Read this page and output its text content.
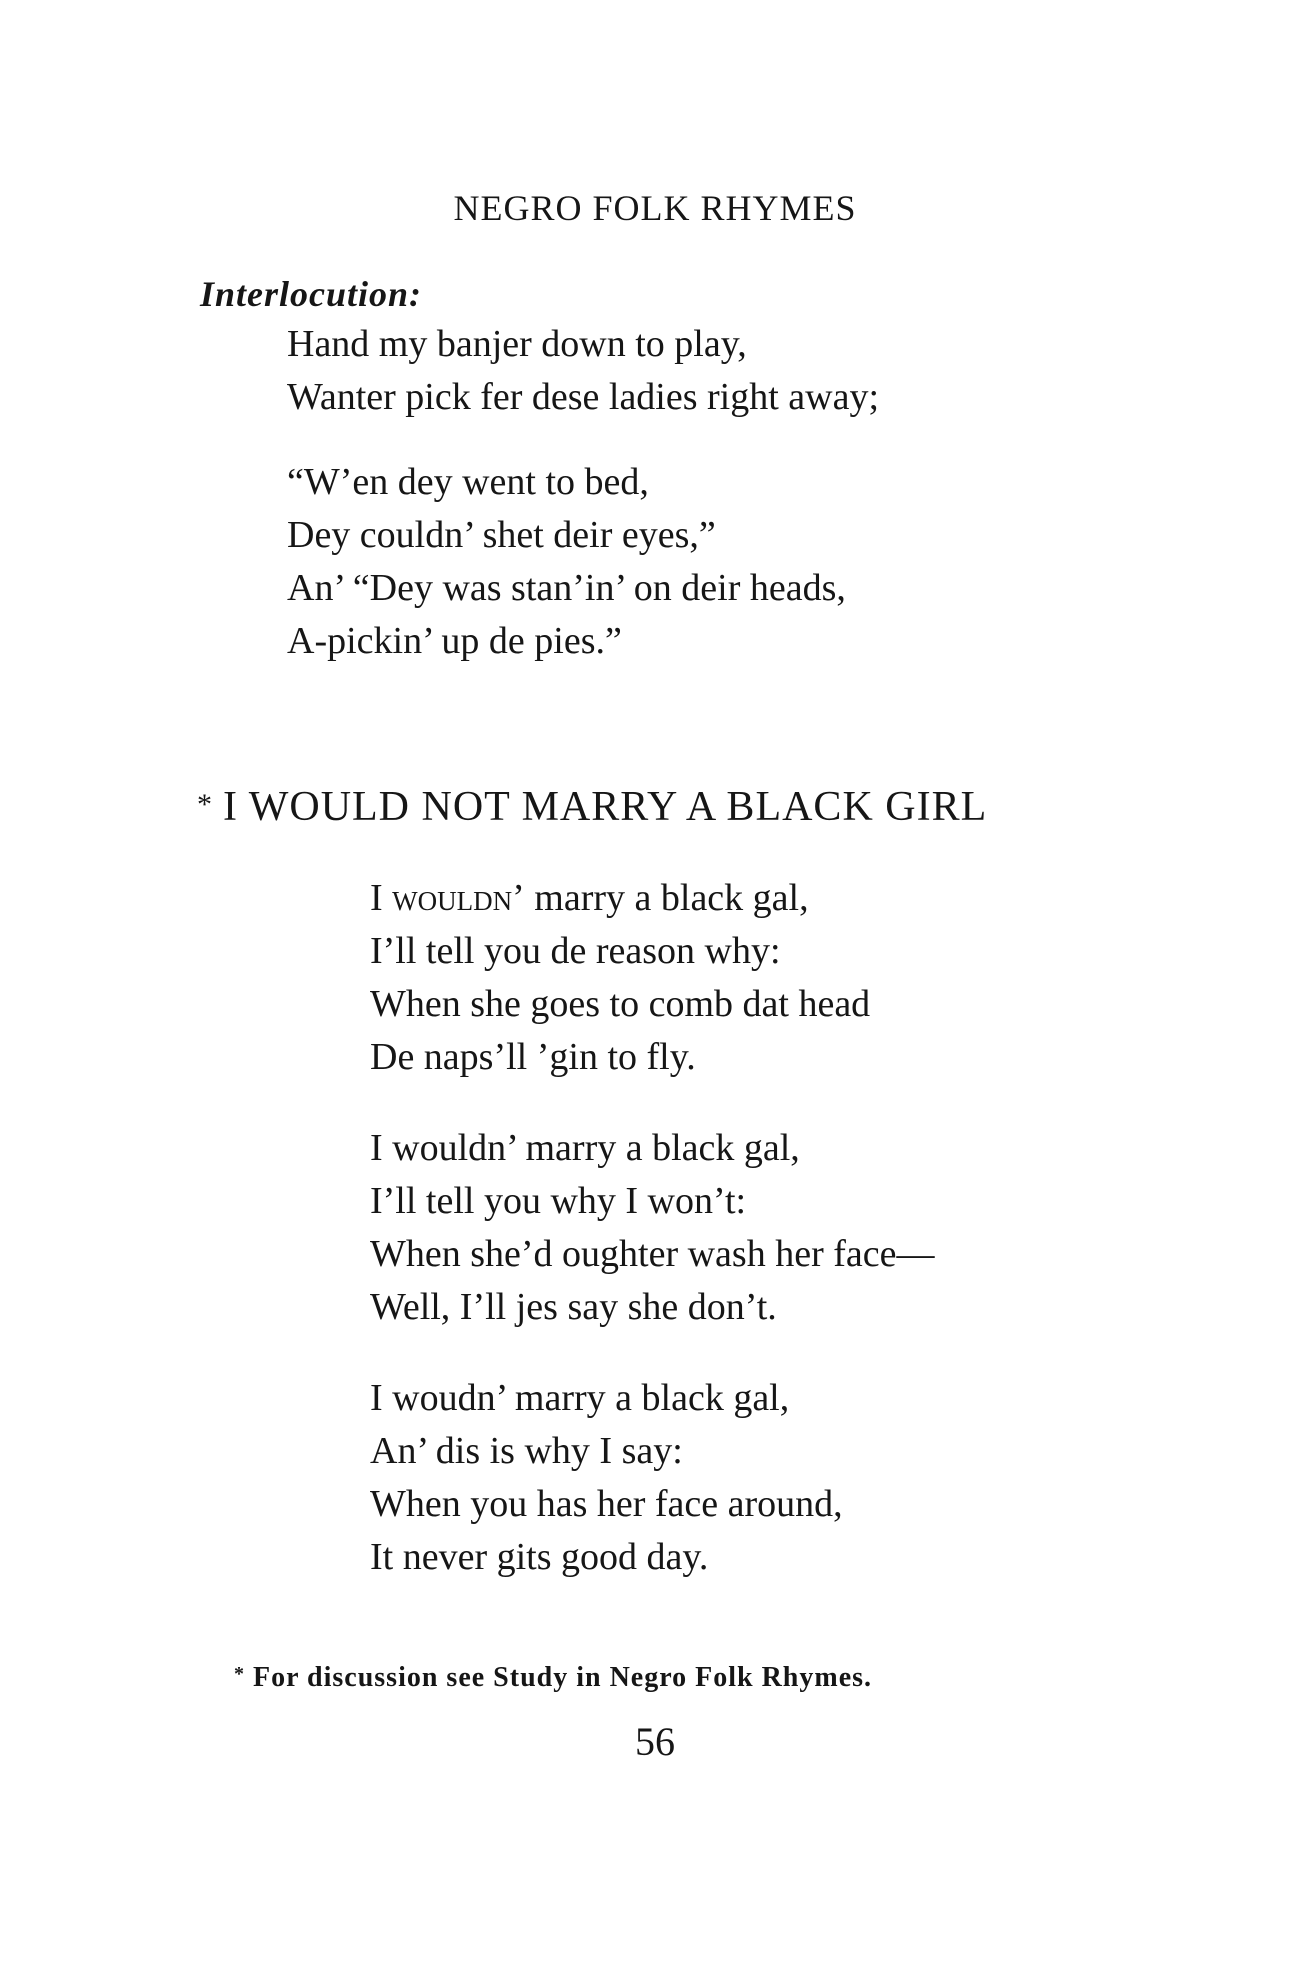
NEGRO FOLK RHYMES
Interlocution:
Hand my banjer down to play,
Wanter pick fer dese ladies right away;
“W’en dey went to bed,
Dey couldn’ shet deir eyes,”
An’ “Dey was stan’in’ on deir heads,
A-pickin’ up de pies.”
* I WOULD NOT MARRY A BLACK GIRL
I wouldn’ marry a black gal,
I’ll tell you de reason why:
When she goes to comb dat head
De naps’ll ’gin to fly.
I wouldn’ marry a black gal,
I’ll tell you why I won’t:
When she’d oughter wash her face—
Well, I’ll jes say she don’t.
I woudn’ marry a black gal,
An’ dis is why I say:
When you has her face around,
It never gits good day.
* For discussion see Study in Negro Folk Rhymes.
56
